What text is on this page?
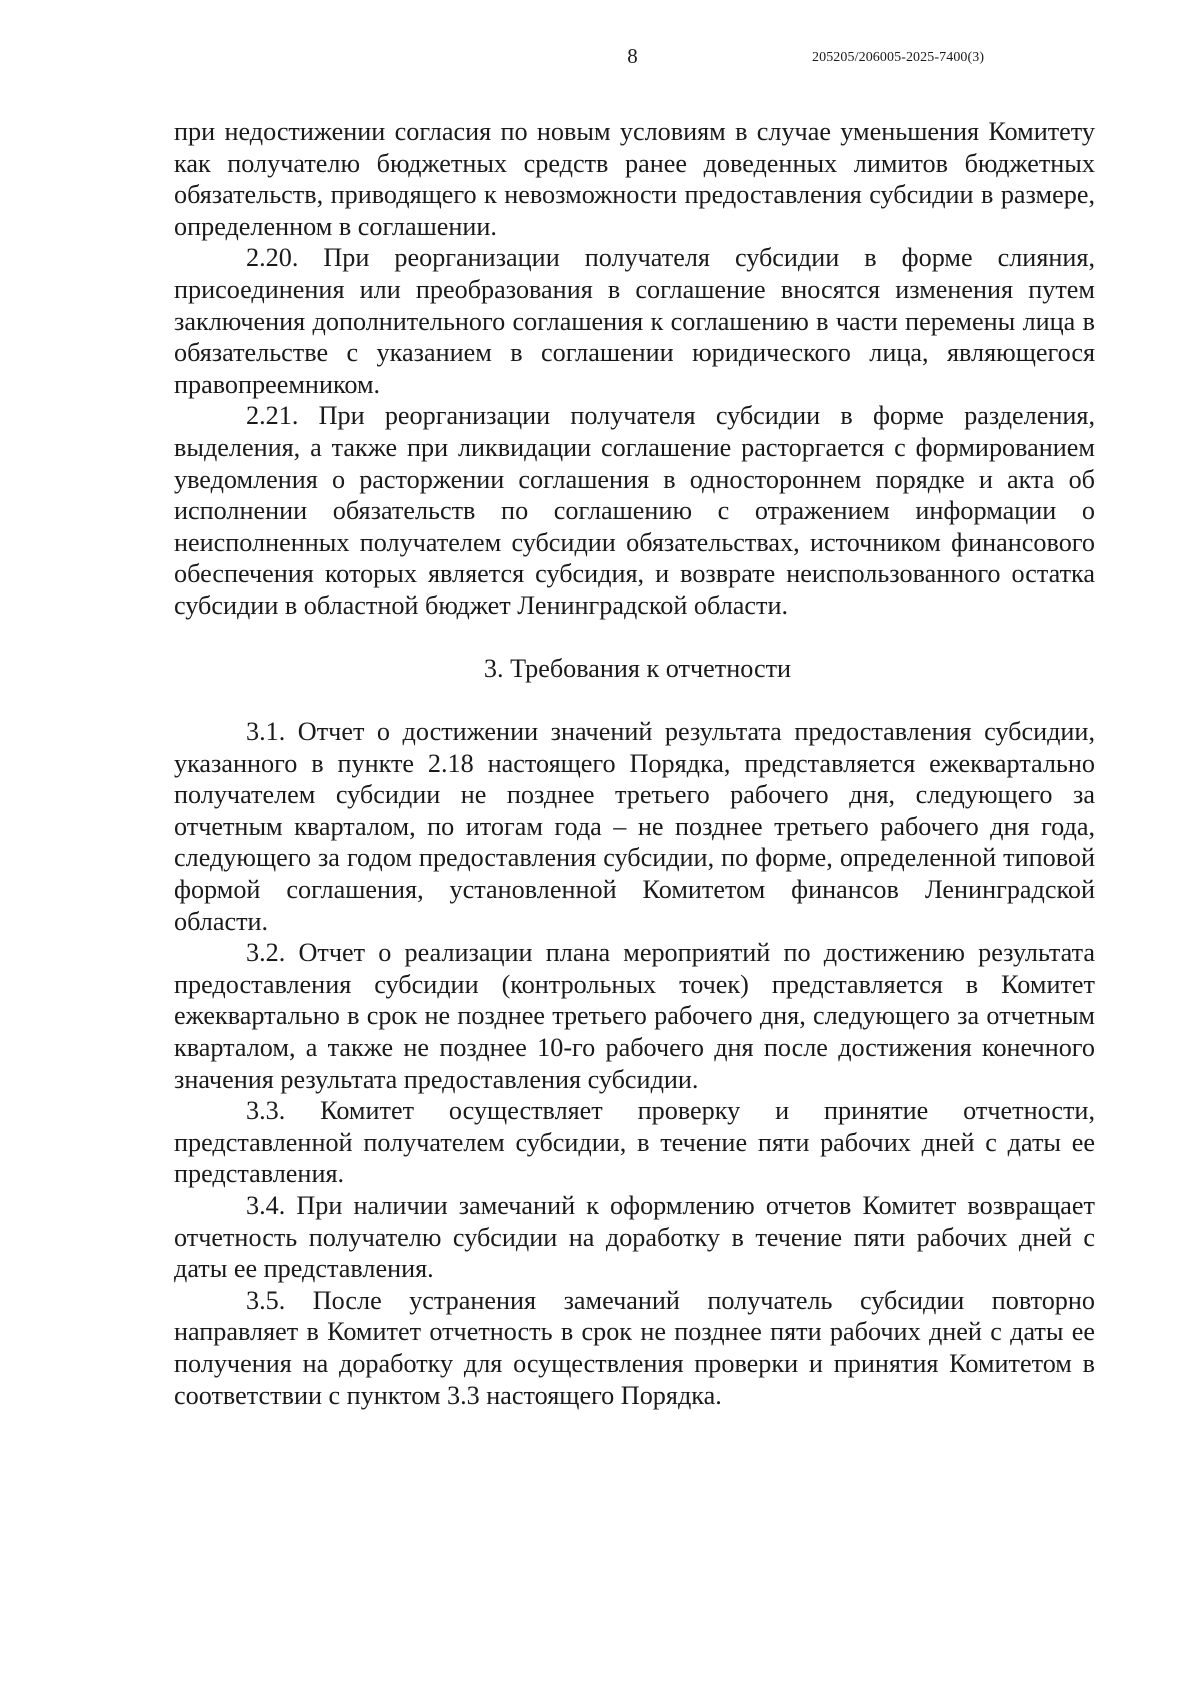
8	205205/206005-2025-7400(3)

при недостижении согласия по новым условиям в случае уменьшения Комитету как получателю бюджетных средств ранее доведенных лимитов бюджетных обязательств, приводящего к невозможности предоставления субсидии в размере, определенном в соглашении.

2.20. При реорганизации получателя субсидии в форме слияния, присоединения или преобразования в соглашение вносятся изменения путем заключения дополнительного соглашения к соглашению в части перемены лица в обязательстве с указанием в соглашении юридического лица, являющегося правопреемником.

2.21. При реорганизации получателя субсидии в форме разделения, выделения, а также при ликвидации соглашение расторгается с формированием уведомления о расторжении соглашения в одностороннем порядке и акта об исполнении обязательств по соглашению с отражением информации о неисполненных получателем субсидии обязательствах, источником финансового обеспечения которых является субсидия, и возврате неиспользованного остатка субсидии в областной бюджет Ленинградской области.

3. Требования к отчетности

3.1. Отчет о достижении значений результата предоставления субсидии, указанного в пункте 2.18 настоящего Порядка, представляется ежеквартально получателем субсидии не позднее третьего рабочего дня, следующего за отчетным кварталом, по итогам года – не позднее третьего рабочего дня года, следующего за годом предоставления субсидии, по форме, определенной типовой формой соглашения, установленной Комитетом финансов Ленинградской области.

3.2. Отчет о реализации плана мероприятий по достижению результата предоставления субсидии (контрольных точек) представляется в Комитет ежеквартально в срок не позднее третьего рабочего дня, следующего за отчетным кварталом, а также не позднее 10-го рабочего дня после достижения конечного значения результата предоставления субсидии.

3.3. Комитет осуществляет проверку и принятие отчетности, представленной получателем субсидии, в течение пяти рабочих дней с даты ее представления.

3.4. При наличии замечаний к оформлению отчетов Комитет возвращает отчетность получателю субсидии на доработку в течение пяти рабочих дней с даты ее представления.

3.5. После устранения замечаний получатель субсидии повторно направляет в Комитет отчетность в срок не позднее пяти рабочих дней с даты ее получения на доработку для осуществления проверки и принятия Комитетом в соответствии с пунктом 3.3 настоящего Порядка.
